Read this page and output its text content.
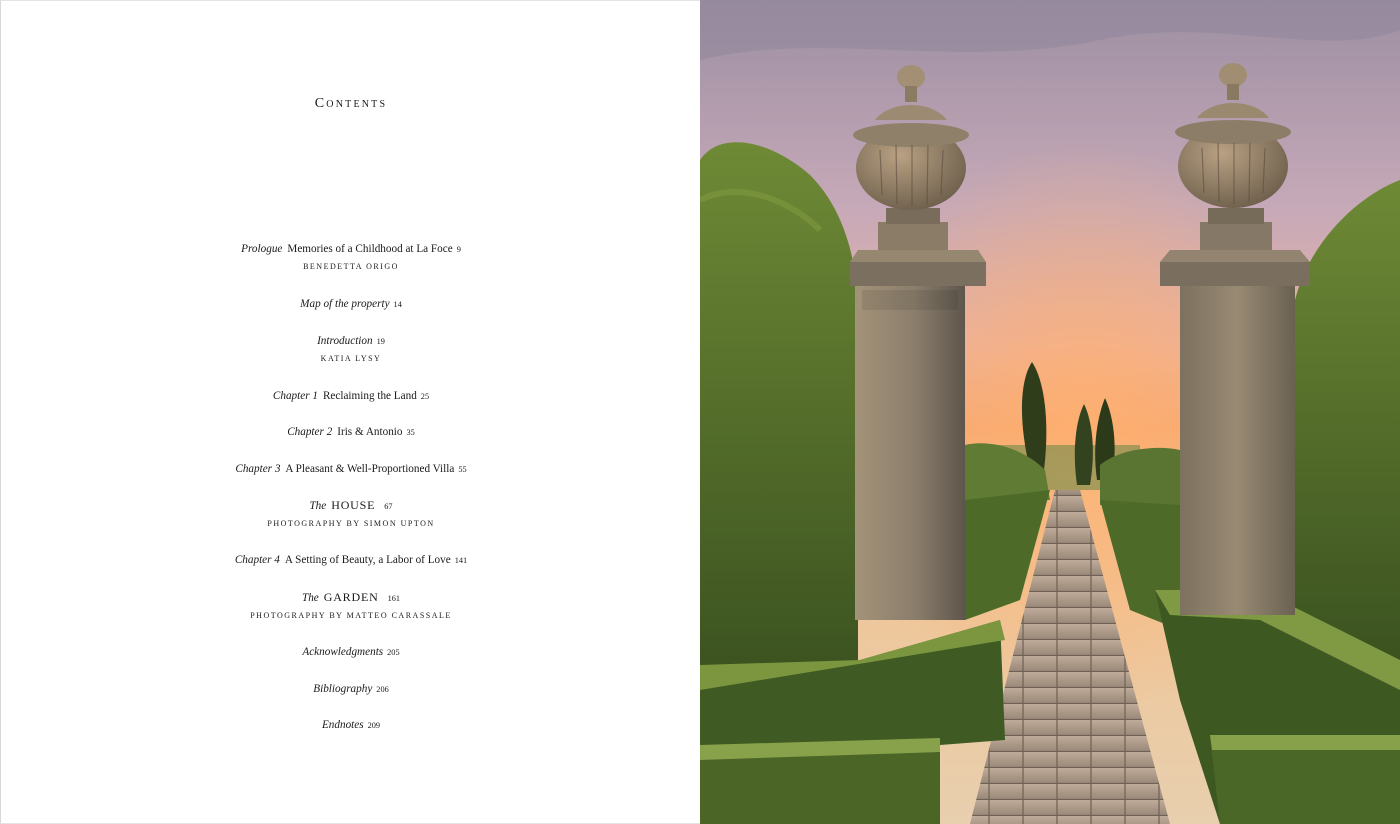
Contents
Prologue Memories of a Childhood at La Foce 9
BENEDETTA ORIGO
Map of the property 14
Introduction 19
KATIA LYSY
Chapter 1 Reclaiming the Land 25
Chapter 2 Iris & Antonio 35
Chapter 3 A Pleasant & Well-Proportioned Villa 55
The HOUSE 67
PHOTOGRAPHY BY SIMON UPTON
Chapter 4 A Setting of Beauty, a Labor of Love 141
The GARDEN 161
PHOTOGRAPHY BY MATTEO CARASSALE
Acknowledgments 205
Bibliography 206
Endnotes 209
